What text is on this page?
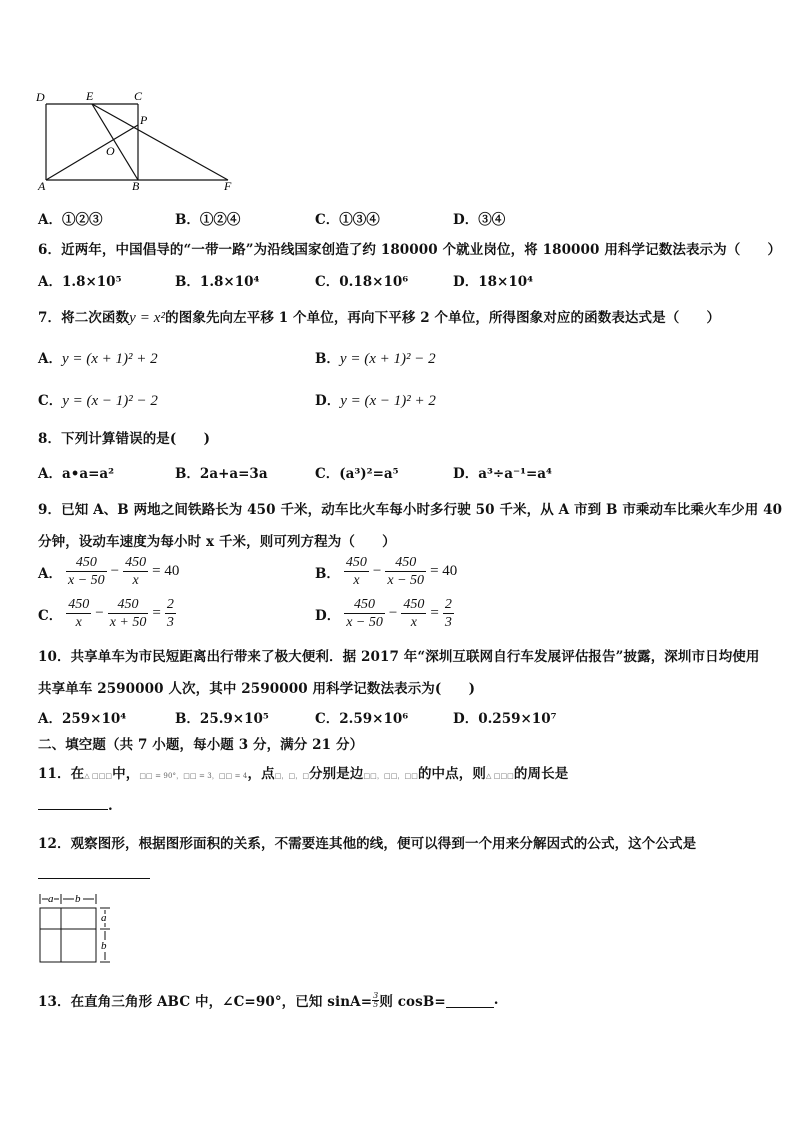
D	E	C
P
O
A	B	F
A．①②③	B．①②④	C．①③④	D．③④
6．近两年，中国倡导的“一带一路”为沿线国家创造了约 180000 个就业岗位，将 180000 用科学记数法表示为（　　）
A．1.8×10⁵	B．1.8×10⁴	C．0.18×10⁶	D．18×10⁴
7．将二次函数y = x²的图象先向左平移 1 个单位，再向下平移 2 个单位，所得图象对应的函数表达式是（　　）
A．y = (x + 1)² + 2	B．y = (x + 1)² − 2
C．y = (x − 1)² − 2	D．y = (x − 1)² + 2
8．下列计算错误的是(　　)
A．a•a=a²	B．2a+a=3a	C．(a³)²=a⁵	D．a³÷a⁻¹=a⁴
9．已知 A、B 两地之间铁路长为 450 千米，动车比火车每小时多行驶 50 千米，从 A 市到 B 市乘动车比乘火车少用 40
分钟，设动车速度为每小时 x 千米，则可列方程为（　　）
A． $\frac{450}{x - 50} - \frac{450}{x} = 40$	B． $\frac{450}{x} - \frac{450}{x - 50} = 40$
C． $\frac{450}{x} - \frac{450}{x + 50} = \frac{2}{3}$	D． $\frac{450}{x - 50} - \frac{450}{x} = \frac{2}{3}$
10．共享单车为市民短距离出行带来了极大便利．据 2017 年“深圳互联网自行车发展评估报告”披露，深圳市日均使用
共享单车 2590000 人次，其中 2590000 用科学记数法表示为(　　)
A．259×10⁴	B．25.9×10⁵	C．2.59×10⁶	D．0.259×10⁷
二、填空题（共 7 小题，每小题 3 分，满分 21 分）
11．在△ □□□中，□□ = 90°，□□ = 3，□□ = 4，点□，□，□分别是边□□，□□，□□的中点，则△ □□□的周长是
.
12．观察图形，根据图形面积的关系，不需要连其他的线，便可以得到一个用来分解因式的公式，这个公式是
a b
a
b
13．在直角三角形 ABC 中，∠C=90°，已知 $\sin A= \frac{3}{5}$ 则 cosB=	.
